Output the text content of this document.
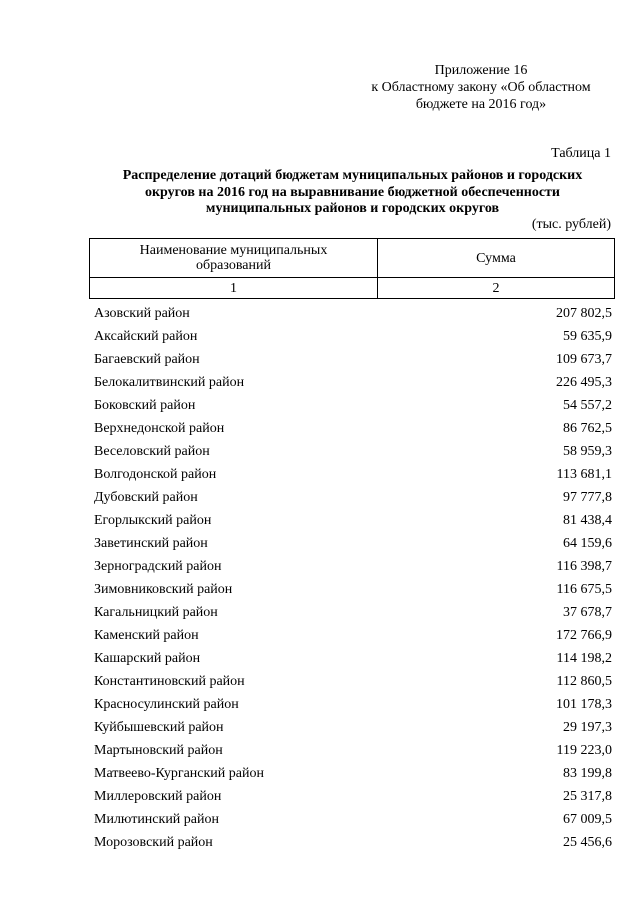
Приложение 16
к Областному закону «Об областном
бюджете на 2016 год»
Таблица 1
Распределение дотаций бюджетам муниципальных районов и городских
округов на 2016 год на выравнивание бюджетной обеспеченности
муниципальных районов и городских округов
(тыс. рублей)
Наименование муниципальных
образований	Сумма
1	2
Азовский район	207 802,5
Аксайский район	59 635,9
Багаевский район	109 673,7
Белокалитвинский район	226 495,3
Боковский район	54 557,2
Верхнедонской район	86 762,5
Веселовский район	58 959,3
Волгодонской район	113 681,1
Дубовский район	97 777,8
Егорлыкский район	81 438,4
Заветинский район	64 159,6
Зерноградский район	116 398,7
Зимовниковский район	116 675,5
Кагальницкий район	37 678,7
Каменский район	172 766,9
Кашарский район	114 198,2
Константиновский район	112 860,5
Красносулинский район	101 178,3
Куйбышевский район	29 197,3
Мартыновский район	119 223,0
Матвеево-Курганский район	83 199,8
Миллеровский район	25 317,8
Милютинский район	67 009,5
Морозовский район	25 456,6
